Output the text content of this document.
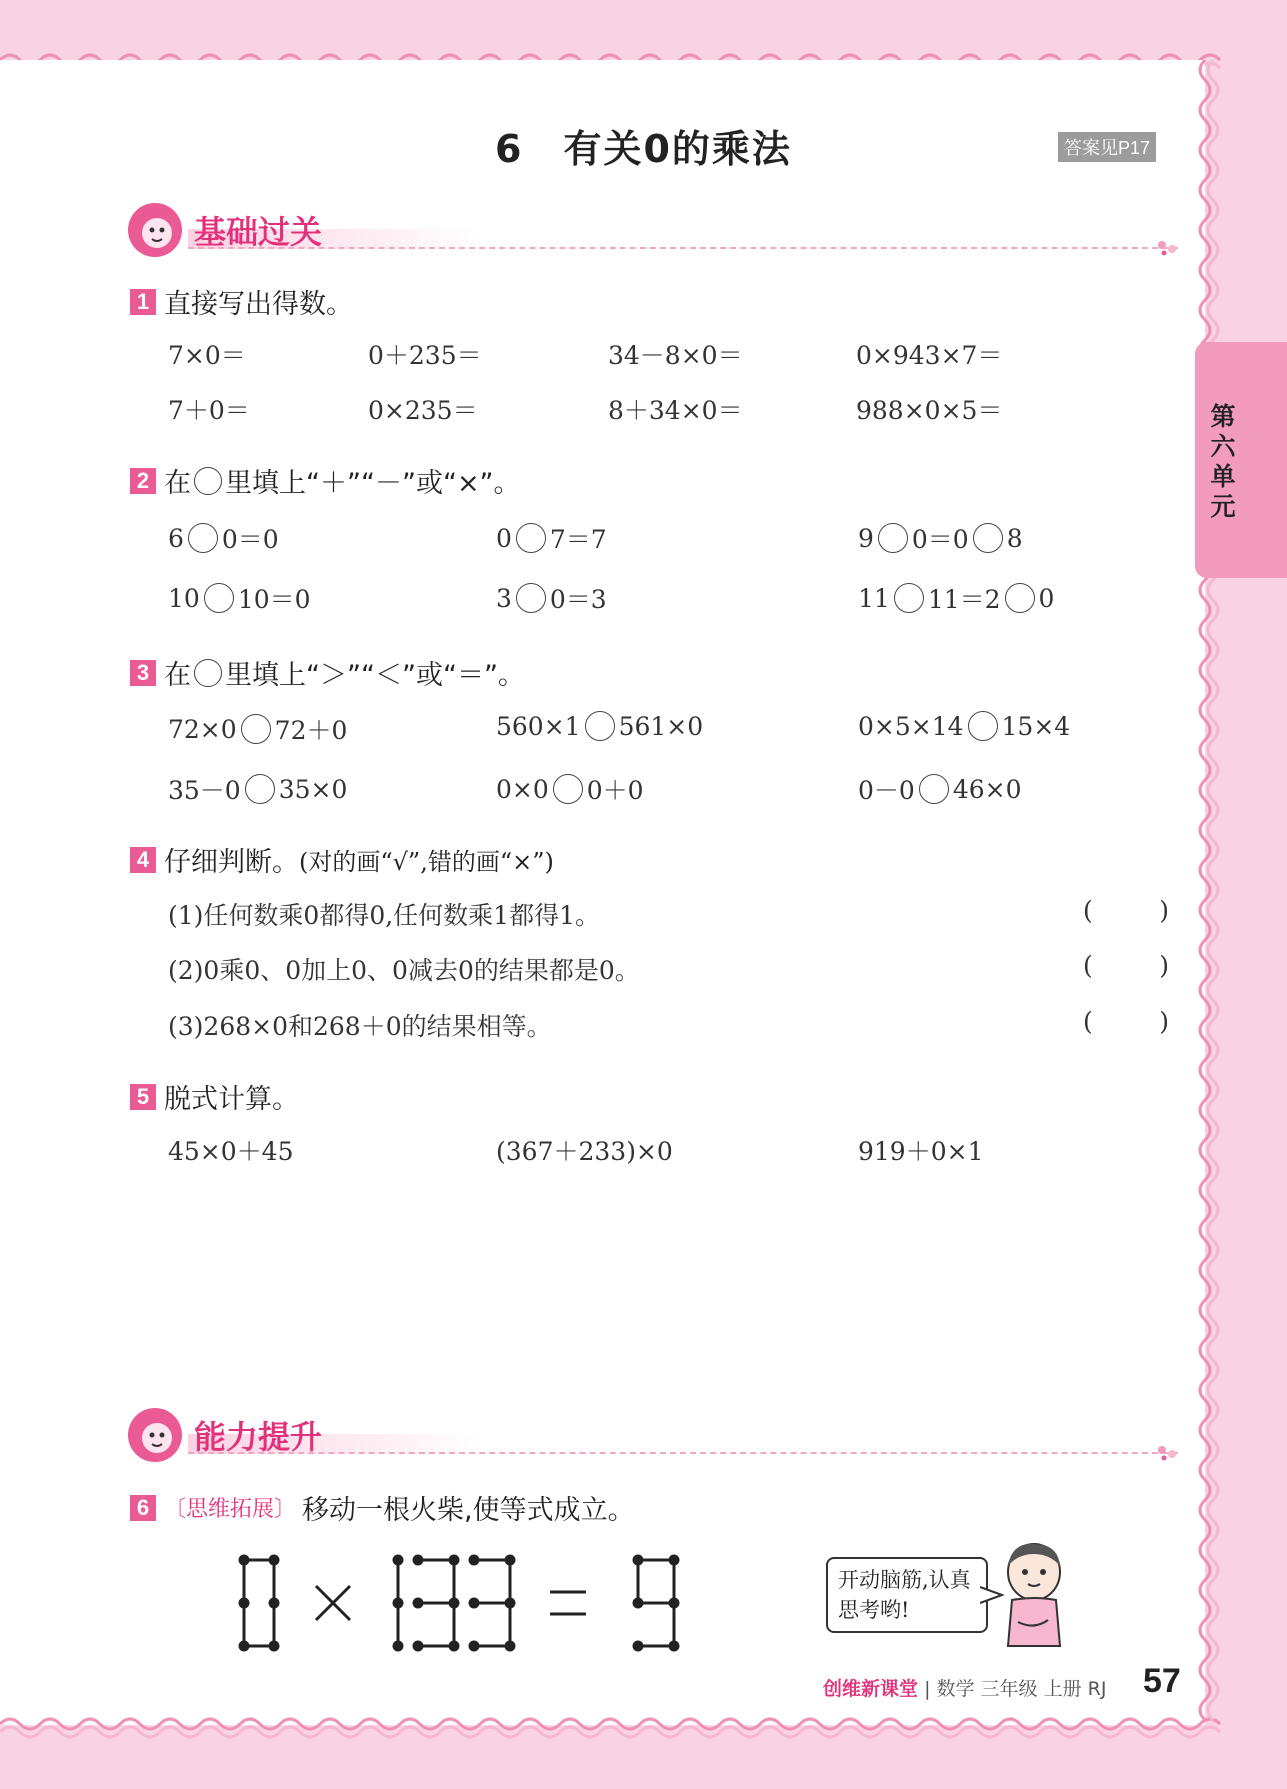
第六单元
6　有关0的乘法	答案见P17
基础过关
1 直接写出得数。
7×0＝	0＋235＝	34－8×0＝	0×943×7＝
7＋0＝	0×235＝	8＋34×0＝	988×0×5＝
2 在 里填上“＋”“－”或“×”。
6 0＝0	0 7＝7	9 0＝0 8
10 10＝0	3 0＝3	11 11＝2 0
3 在 里填上“＞”“＜”或“＝”。
72×0 72＋0	560×1 561×0	0×5×14 15×4
35－0 35×0	0×0 0＋0	0－0 46×0
4 仔细判断。 (对的画“√”,错的画“×”)
(1)任何数乘0都得0,任何数乘1都得1。	(	)
(2)0乘0、0加上0、0减去0的结果都是0。	(	)
(3)268×0和268＋0的结果相等。	(	)
5 脱式计算。
45×0＋45	(367＋233)×0	919＋0×1
能力提升
6 〔思维拓展〕 移动一根火柴,使等式成立。
开动脑筋,认真思考哟!
创维新课堂 | 数学 三年级 上册 RJ 57
